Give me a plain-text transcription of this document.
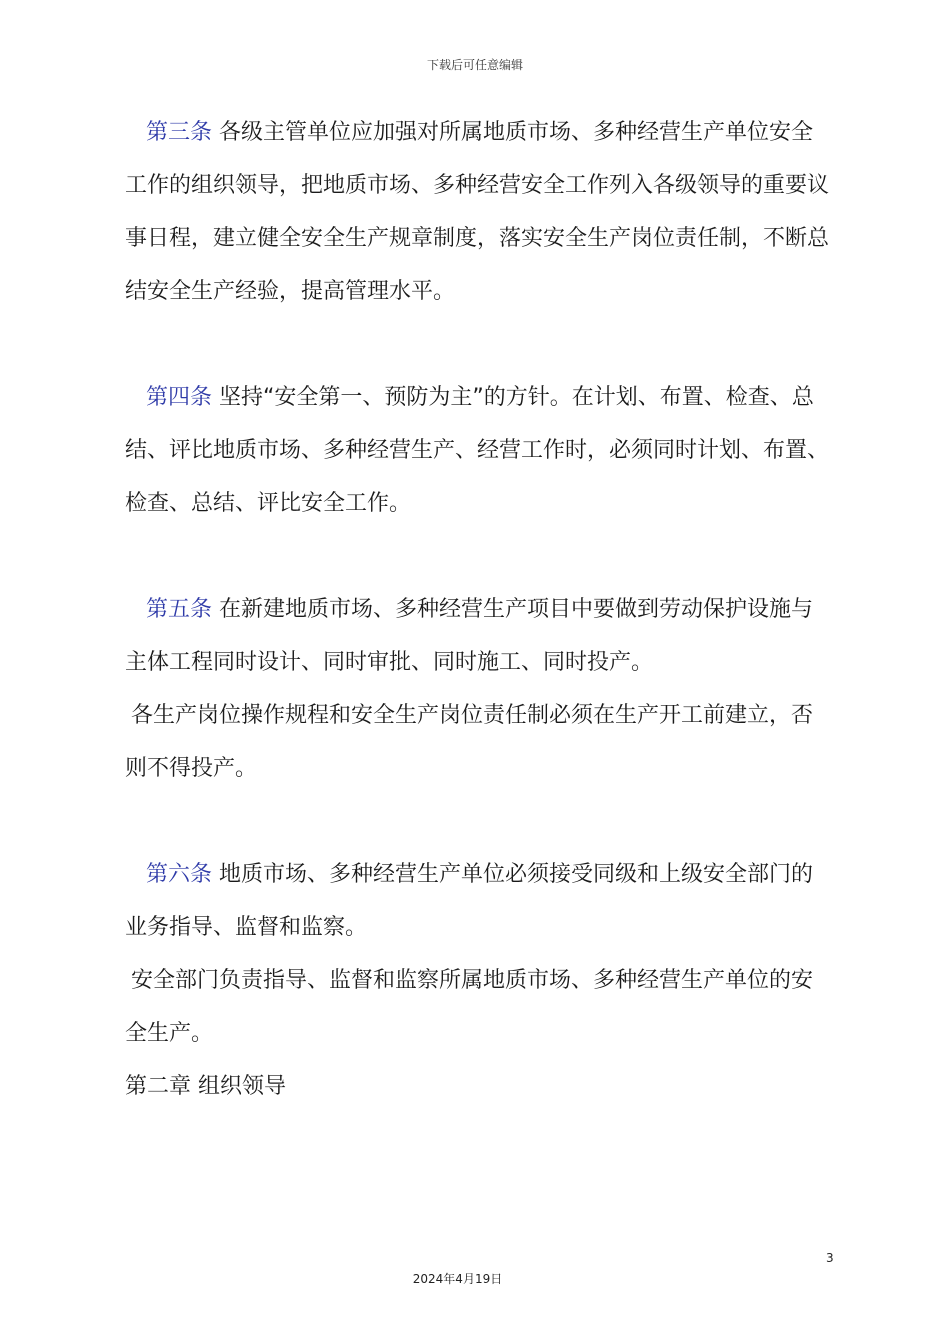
下载后可任意编辑

第三条 各级主管单位应加强对所属地质市场、多种经营生产单位安全工作的组织领导，把地质市场、多种经营安全工作列入各级领导的重要议事日程，建立健全安全生产规章制度，落实安全生产岗位责任制，不断总结安全生产经验，提高管理水平。

第四条 坚持“安全第一、预防为主”的方针。在计划、布置、检查、总结、评比地质市场、多种经营生产、经营工作时，必须同时计划、布置、检查、总结、评比安全工作。

第五条 在新建地质市场、多种经营生产项目中要做到劳动保护设施与主体工程同时设计、同时审批、同时施工、同时投产。

各生产岗位操作规程和安全生产岗位责任制必须在生产开工前建立，否则不得投产。

第六条 地质市场、多种经营生产单位必须接受同级和上级安全部门的业务指导、监督和监察。

安全部门负责指导、监督和监察所属地质市场、多种经营生产单位的安全生产。

第二章 组织领导

3
2024年4月19日
